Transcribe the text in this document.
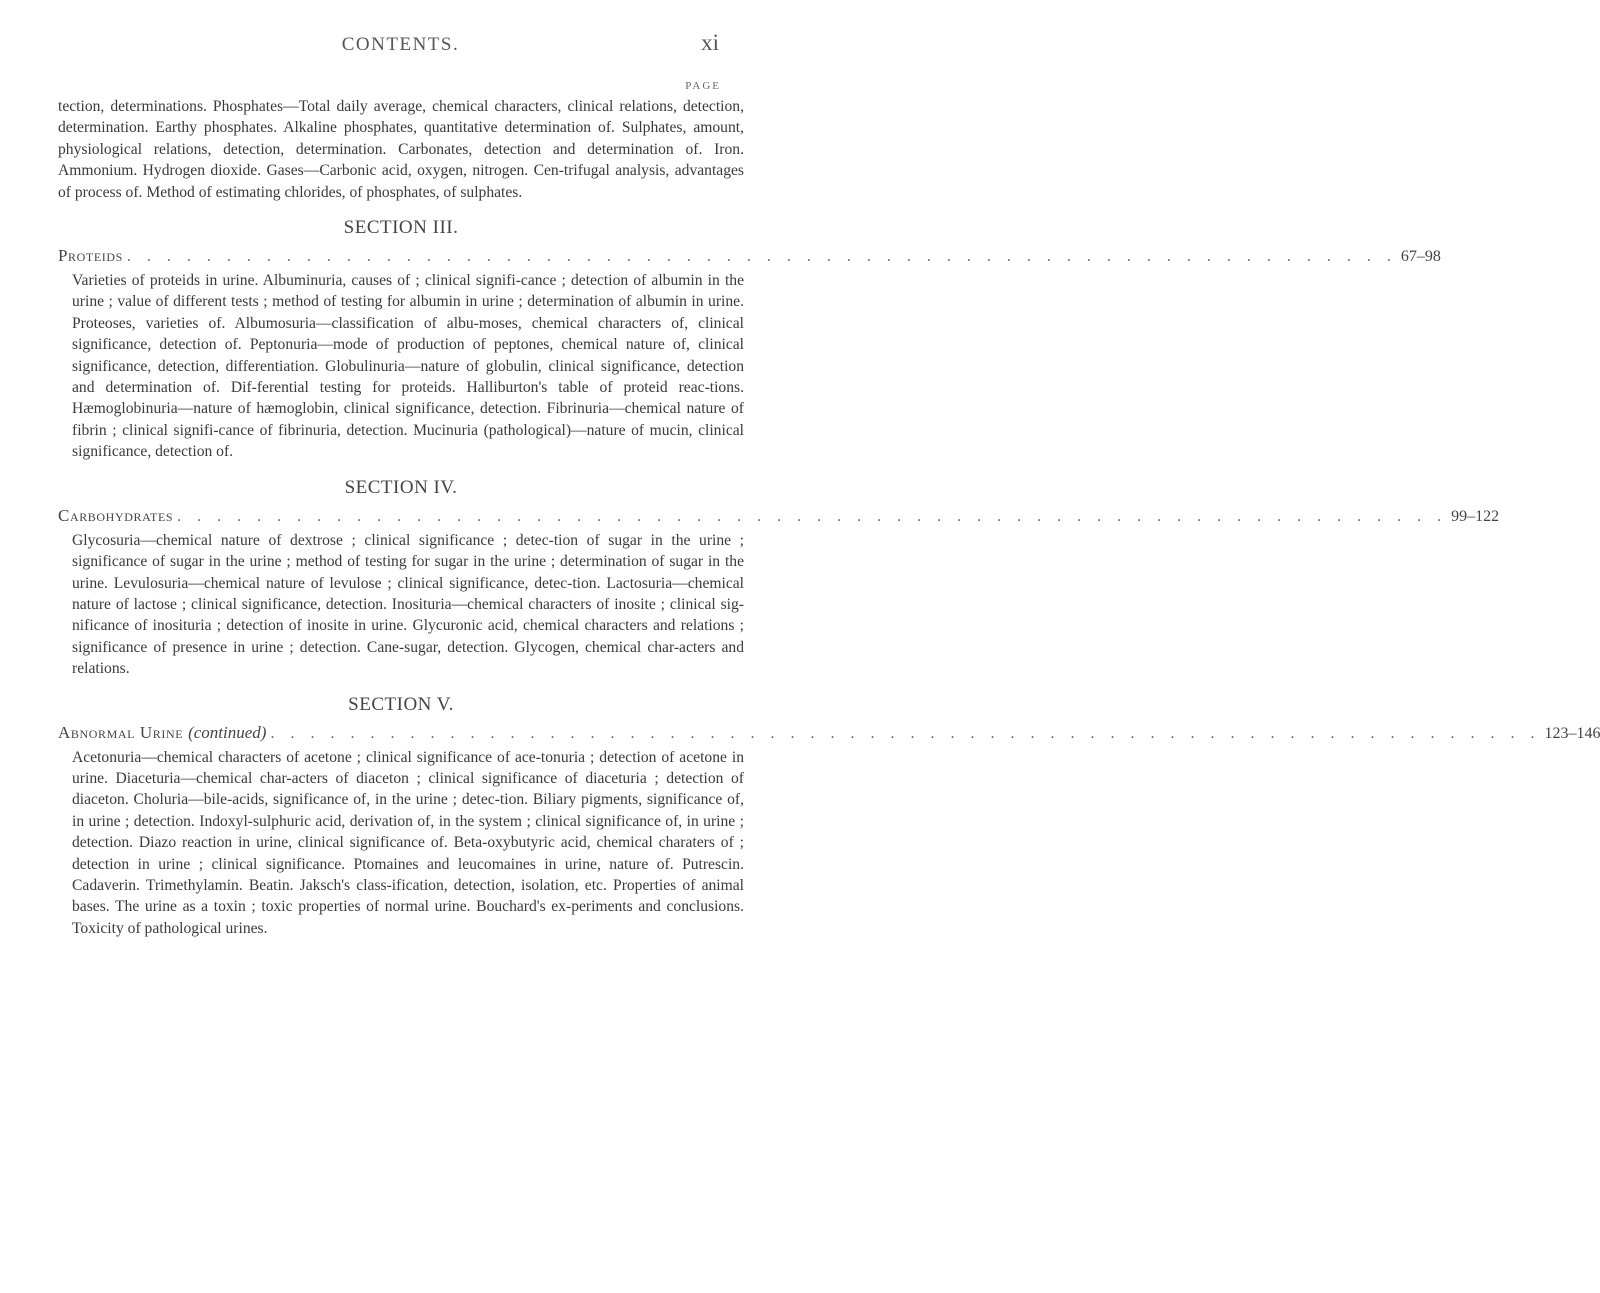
CONTENTS.	xi
PAGE

tection, determinations. Phosphates—Total daily average, chemical characters, clinical relations, detection, determination. Earthy phosphates. Alkaline phosphates, quantitative determination of. Sulphates, amount, physiological relations, detection, determination. Carbonates, detection and determination of. Iron. Ammonium. Hydrogen dioxide. Gases—Carbonic acid, oxygen, nitrogen. Cen-trifugal analysis, advantages of process of. Method of estimating chlorides, of phosphates, of sulphates.

SECTION III.
Proteids . . . . . . . . . . . . . . . . . . . . . . . . . . . . . . . . . . . . . . . . . . . . . . . . . . . . . . . . . . . . . . . . 67–98

Varieties of proteids in urine. Albuminuria, causes of ; clinical signifi-cance ; detection of albumin in the urine ; value of different tests ; method of testing for albumin in urine ; determination of albumin in urine. Proteoses, varieties of. Albumosuria—classification of albu-moses, chemical characters of, clinical significance, detection of. Peptonuria—mode of production of peptones, chemical nature of, clinical significance, detection, differentiation. Globulinuria—nature of globulin, clinical significance, detection and determination of. Dif-ferential testing for proteids. Halliburton's table of proteid reac-tions. Hæmoglobinuria—nature of hæmoglobin, clinical significance, detection. Fibrinuria—chemical nature of fibrin ; clinical signifi-cance of fibrinuria, detection. Mucinuria (pathological)—nature of mucin, clinical significance, detection of.

SECTION IV.
Carbohydrates . . . . . . . . . . . . . . . . . . . . . . . . . . . . . . . . . . . . . . . . . . . . . . . . . . . . . . . . . . . . . . . . 99–122

Glycosuria—chemical nature of dextrose ; clinical significance ; detec-tion of sugar in the urine ; significance of sugar in the urine ; method of testing for sugar in the urine ; determination of sugar in the urine. Levulosuria—chemical nature of levulose ; clinical significance, detec-tion. Lactosuria—chemical nature of lactose ; clinical significance, detection. Inosituria—chemical characters of inosite ; clinical sig-nificance of inosituria ; detection of inosite in urine. Glycuronic acid, chemical characters and relations ; significance of presence in urine ; detection. Cane-sugar, detection. Glycogen, chemical char-acters and relations.

SECTION V.
Abnormal Urine (continued) . . . . . . . . . . . . . . . . . . . . . . . . . . . . . . . . . . . . . . . . . . . . . . . . . . . . . . . . . . . . . . . . 123–146

Acetonuria—chemical characters of acetone ; clinical significance of ace-tonuria ; detection of acetone in urine. Diaceturia—chemical char-acters of diaceton ; clinical significance of diaceturia ; detection of diaceton. Choluria—bile-acids, significance of, in the urine ; detec-tion. Biliary pigments, significance of, in urine ; detection. Indoxyl-sulphuric acid, derivation of, in the system ; clinical significance of, in urine ; detection. Diazo reaction in urine, clinical significance of. Beta-oxybutyric acid, chemical charaters of ; detection in urine ; clinical significance. Ptomaines and leucomaines in urine, nature of. Putrescin. Cadaverin. Trimethylamin. Beatin. Jaksch's class-ification, detection, isolation, etc. Properties of animal bases. The urine as a toxin ; toxic properties of normal urine. Bouchard's ex-periments and conclusions. Toxicity of pathological urines.
